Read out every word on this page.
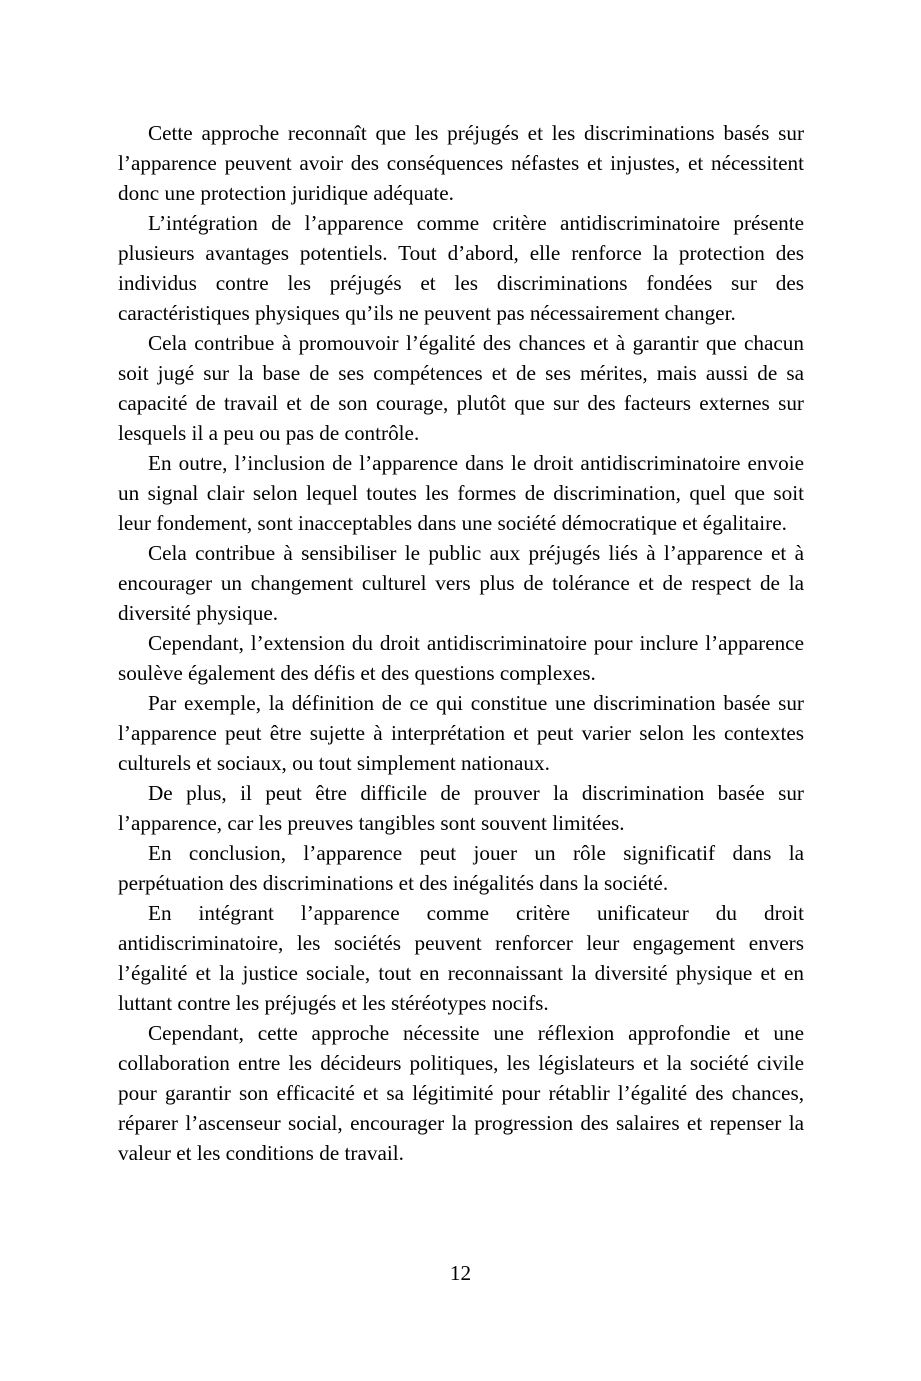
Cette approche reconnaît que les préjugés et les discriminations basés sur l’apparence peuvent avoir des conséquences néfastes et injustes, et nécessitent donc une protection juridique adéquate.

L’intégration de l’apparence comme critère antidiscriminatoire présente plusieurs avantages potentiels. Tout d’abord, elle renforce la protection des individus contre les préjugés et les discriminations fondées sur des caractéristiques physiques qu’ils ne peuvent pas nécessairement changer.

Cela contribue à promouvoir l’égalité des chances et à garantir que chacun soit jugé sur la base de ses compétences et de ses mérites, mais aussi de sa capacité de travail et de son courage, plutôt que sur des facteurs externes sur lesquels il a peu ou pas de contrôle.

En outre, l’inclusion de l’apparence dans le droit antidiscriminatoire envoie un signal clair selon lequel toutes les formes de discrimination, quel que soit leur fondement, sont inacceptables dans une société démocratique et égalitaire.

Cela contribue à sensibiliser le public aux préjugés liés à l’apparence et à encourager un changement culturel vers plus de tolérance et de respect de la diversité physique.

Cependant, l’extension du droit antidiscriminatoire pour inclure l’apparence soulève également des défis et des questions complexes.

Par exemple, la définition de ce qui constitue une discrimination basée sur l’apparence peut être sujette à interprétation et peut varier selon les contextes culturels et sociaux, ou tout simplement nationaux.

De plus, il peut être difficile de prouver la discrimination basée sur l’apparence, car les preuves tangibles sont souvent limitées.

En conclusion, l’apparence peut jouer un rôle significatif dans la perpétuation des discriminations et des inégalités dans la société.

En intégrant l’apparence comme critère unificateur du droit antidiscriminatoire, les sociétés peuvent renforcer leur engagement envers l’égalité et la justice sociale, tout en reconnaissant la diversité physique et en luttant contre les préjugés et les stéréotypes nocifs.

Cependant, cette approche nécessite une réflexion approfondie et une collaboration entre les décideurs politiques, les législateurs et la société civile pour garantir son efficacité et sa légitimité pour rétablir l’égalité des chances, réparer l’ascenseur social, encourager la progression des salaires et repenser la valeur et les conditions de travail.

12
